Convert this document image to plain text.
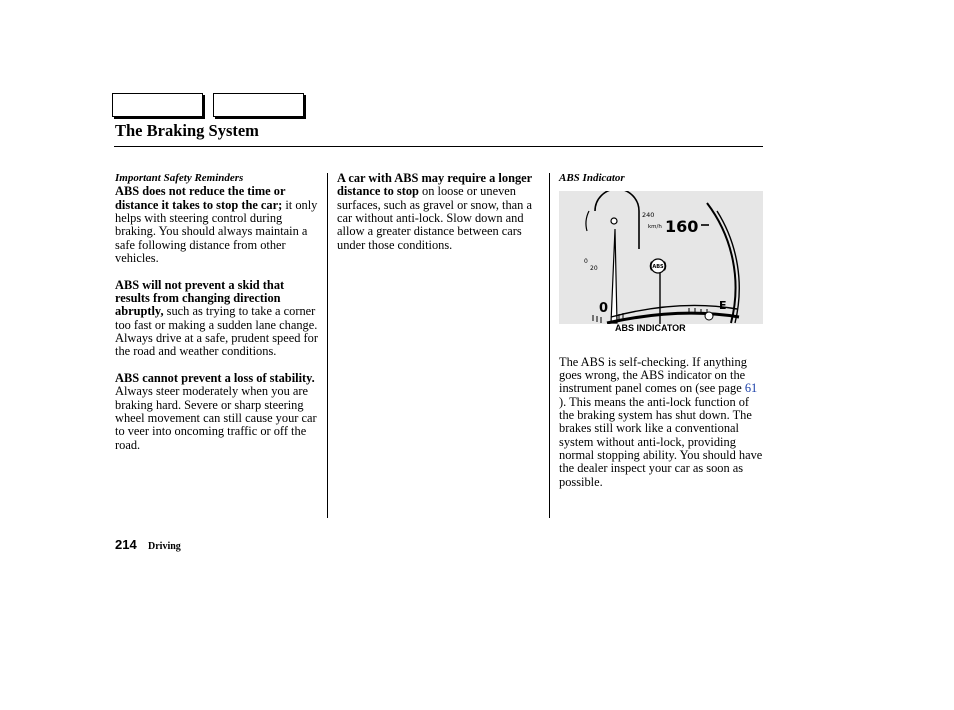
The Braking System
Important Safety Reminders

ABS does not reduce the time or distance it takes to stop the car; it only helps with steering control during braking. You should always maintain a safe following distance from other vehicles.

ABS will not prevent a skid that results from changing direction abruptly, such as trying to take a corner too fast or making a sudden lane change. Always drive at a safe, prudent speed for the road and weather conditions.

ABS cannot prevent a loss of stability. Always steer moderately when you are braking hard. Severe or sharp steering wheel movement can still cause your car to veer into oncoming traffic or off the road.

A car with ABS may require a longer distance to stop on loose or uneven surfaces, such as gravel or snow, than a car without anti-lock. Slow down and allow a greater distance between cars under those conditions.

ABS Indicator
240
km/h 160
0
20
0	E
ABS
ABS INDICATOR

The ABS is self-checking. If anything goes wrong, the ABS indicator on the instrument panel comes on (see page 61 ). This means the anti-lock function of the braking system has shut down. The brakes still work like a conventional system without anti-lock, providing normal stopping ability. You should have the dealer inspect your car as soon as possible.

214 Driving
